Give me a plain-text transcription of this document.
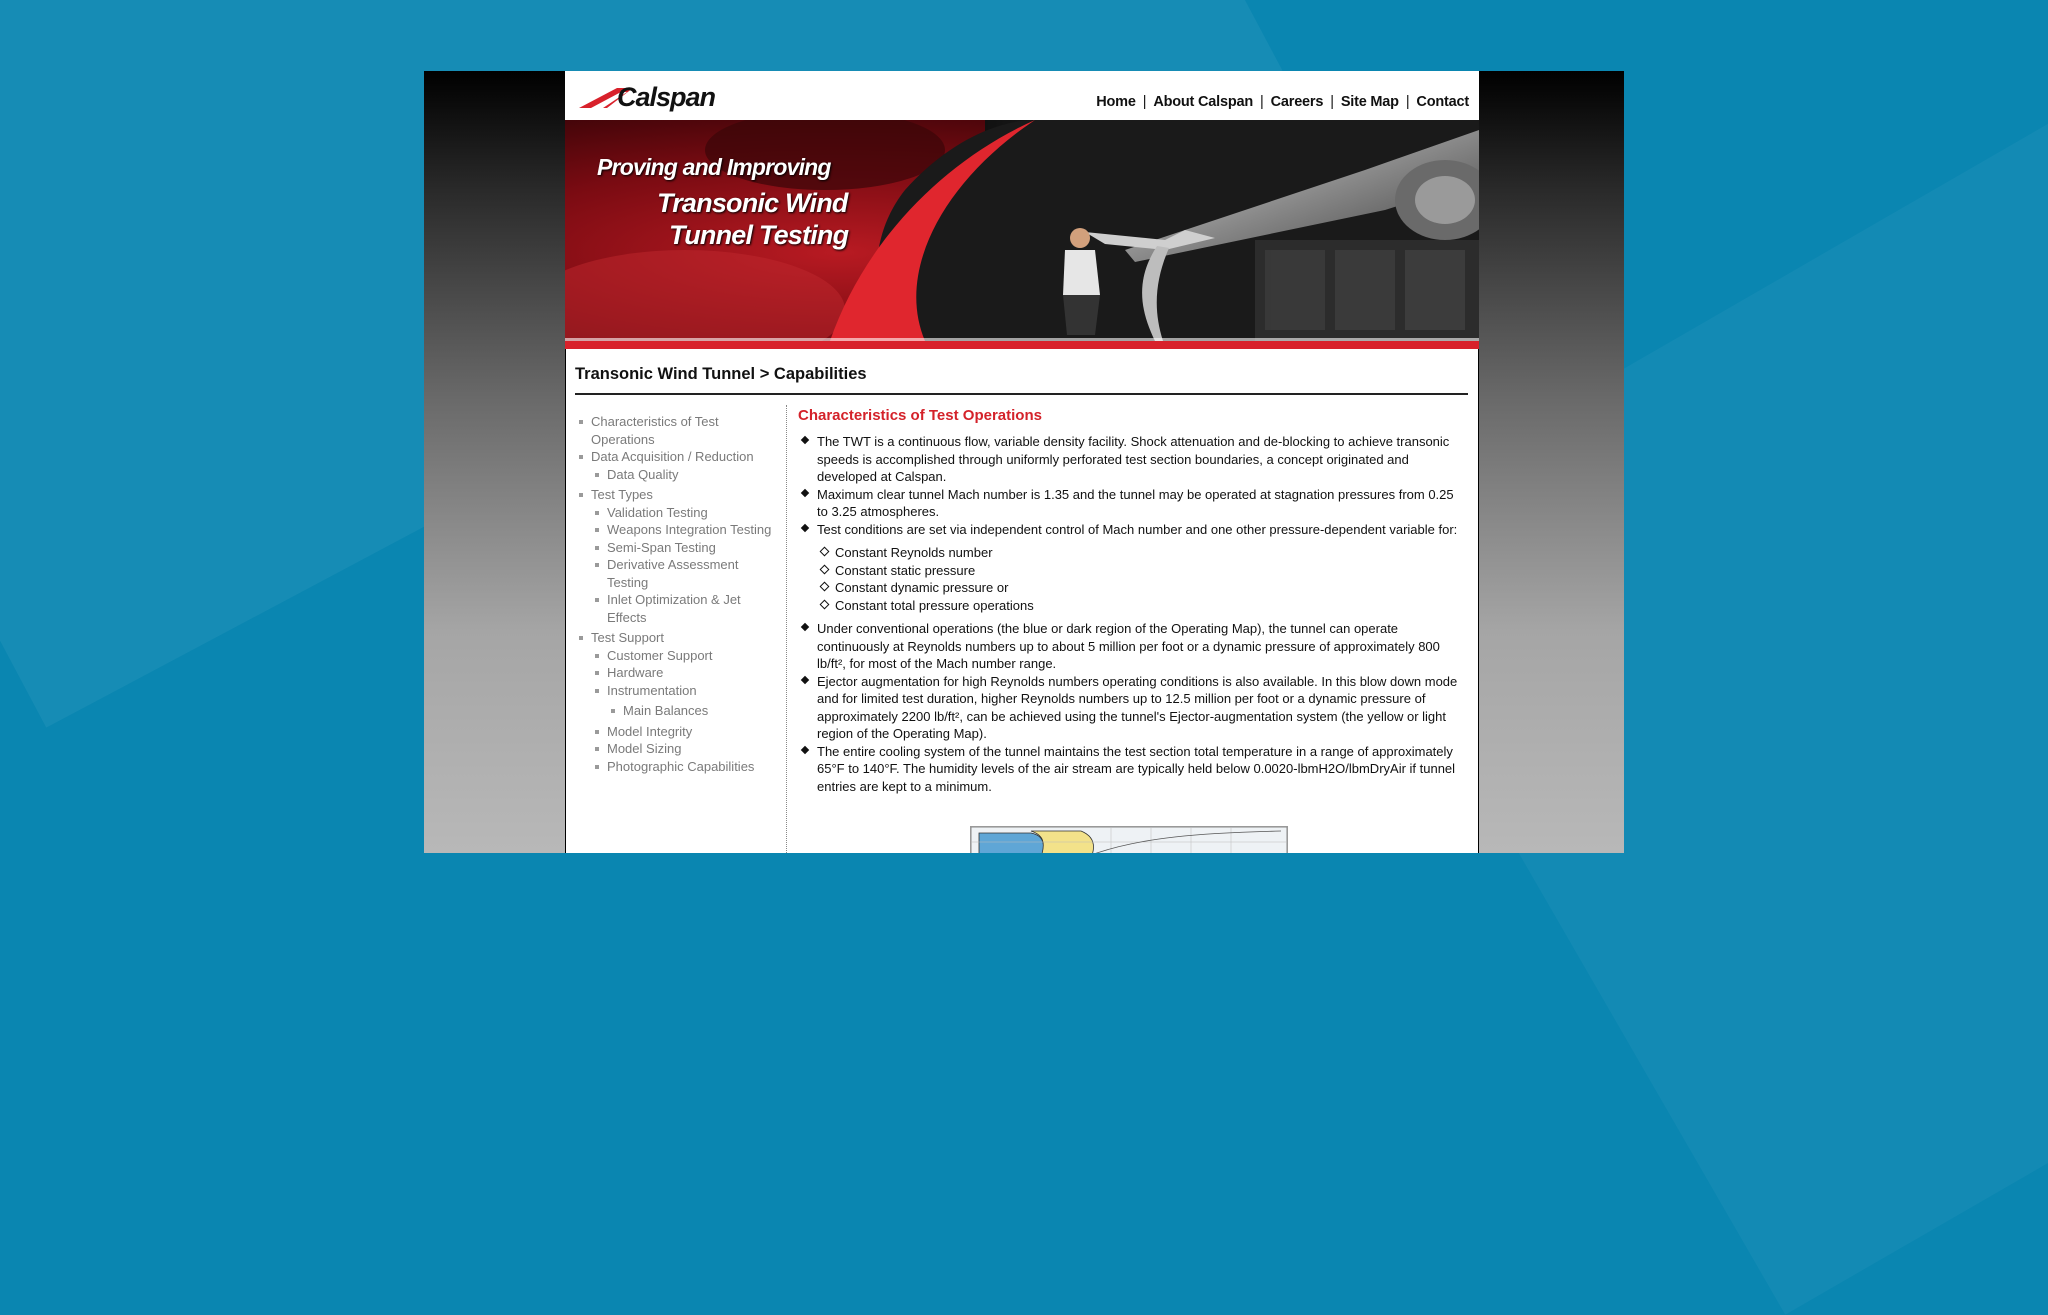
Calspan	Home | About Calspan | Careers | Site Map | Contact
Proving and Improving
Transonic Wind
Tunnel Testing
Transonic Wind Tunnel > Capabilities
Characteristics of Test Operations
Data Acquisition / Reduction
Data Quality
Test Types
Validation Testing
Weapons Integration Testing
Semi-Span Testing
Derivative Assessment Testing
Inlet Optimization & Jet Effects
Test Support
Customer Support
Hardware
Instrumentation
Main Balances
Model Integrity
Model Sizing
Photographic Capabilities
Characteristics of Test Operations
The TWT is a continuous flow, variable density facility. Shock attenuation and de-blocking to achieve transonic speeds is accomplished through uniformly perforated test section boundaries, a concept originated and developed at Calspan.
Maximum clear tunnel Mach number is 1.35 and the tunnel may be operated at stagnation pressures from 0.25 to 3.25 atmospheres.
Test conditions are set via independent control of Mach number and one other pressure-dependent variable for:
Constant Reynolds number
Constant static pressure
Constant dynamic pressure or
Constant total pressure operations
Under conventional operations (the blue or dark region of the Operating Map), the tunnel can operate continuously at Reynolds numbers up to about 5 million per foot or a dynamic pressure of approximately 800 lb/ft², for most of the Mach number range.
Ejector augmentation for high Reynolds numbers operating conditions is also available. In this blow down mode and for limited test duration, higher Reynolds numbers up to 12.5 million per foot or a dynamic pressure of approximately 2200 lb/ft², can be achieved using the tunnel's Ejector-augmentation system (the yellow or light region of the Operating Map).
The entire cooling system of the tunnel maintains the test section total temperature in a range of approximately 65°F to 140°F. The humidity levels of the air stream are typically held below 0.0020-lbmH2O/lbmDryAir if tunnel entries are kept to a minimum.
